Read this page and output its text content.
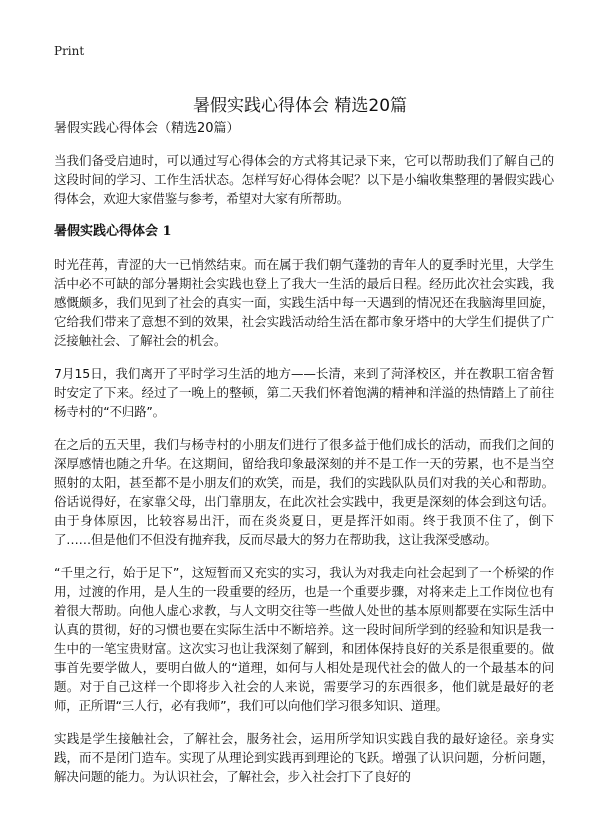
Print
暑假实践心得体会 精选20篇

暑假实践心得体会（精选20篇）

当我们备受启迪时，可以通过写心得体会的方式将其记录下来，它可以帮助我们了解自己的这段时间的学习、工作生活状态。怎样写好心得体会呢？以下是小编收集整理的暑假实践心得体会，欢迎大家借鉴与参考，希望对大家有所帮助。

暑假实践心得体会 1

时光荏苒，青涩的大一已悄然结束。而在属于我们朝气蓬勃的青年人的夏季时光里，大学生活中必不可缺的部分暑期社会实践也登上了我大一生活的最后日程。经历此次社会实践，我感慨颇多，我们见到了社会的真实一面，实践生活中每一天遇到的情况还在我脑海里回旋，它给我们带来了意想不到的效果，社会实践活动给生活在都市象牙塔中的大学生们提供了广泛接触社会、了解社会的机会。

7月15日，我们离开了平时学习生活的地方——长清，来到了菏泽校区，并在教职工宿舍暂时安定了下来。经过了一晚上的整顿，第二天我们怀着饱满的精神和洋溢的热情踏上了前往杨寺村的“不归路”。

在之后的五天里，我们与杨寺村的小朋友们进行了很多益于他们成长的活动，而我们之间的深厚感情也随之升华。在这期间，留给我印象最深刻的并不是工作一天的劳累，也不是当空照射的太阳，甚至都不是小朋友们的欢笑，而是，我们的实践队队员们对我的关心和帮助。俗话说得好，在家靠父母，出门靠朋友，在此次社会实践中，我更是深刻的体会到这句话。由于身体原因，比较容易出汗，而在炎炎夏日，更是挥汗如雨。终于我顶不住了，倒下了……但是他们不但没有抛弃我，反而尽最大的努力在帮助我，这让我深受感动。

“千里之行，始于足下”，这短暂而又充实的实习，我认为对我走向社会起到了一个桥梁的作用，过渡的作用，是人生的一段重要的经历，也是一个重要步骤，对将来走上工作岗位也有着很大帮助。向他人虚心求教，与人文明交往等一些做人处世的基本原则都要在实际生活中认真的贯彻，好的习惯也要在实际生活中不断培养。这一段时间所学到的经验和知识是我一生中的一笔宝贵财富。这次实习也让我深刻了解到，和团体保持良好的关系是很重要的。做事首先要学做人，要明白做人的“道理，如何与人相处是现代社会的做人的一个最基本的问题。对于自己这样一个即将步入社会的人来说，需要学习的东西很多，他们就是最好的老师，正所谓“三人行，必有我师”，我们可以向他们学习很多知识、道理。

实践是学生接触社会，了解社会，服务社会，运用所学知识实践自我的最好途径。亲身实践，而不是闭门造车。实现了从理论到实践再到理论的飞跃。增强了认识问题，分析问题，解决问题的能力。为认识社会，了解社会，步入社会打下了良好的
